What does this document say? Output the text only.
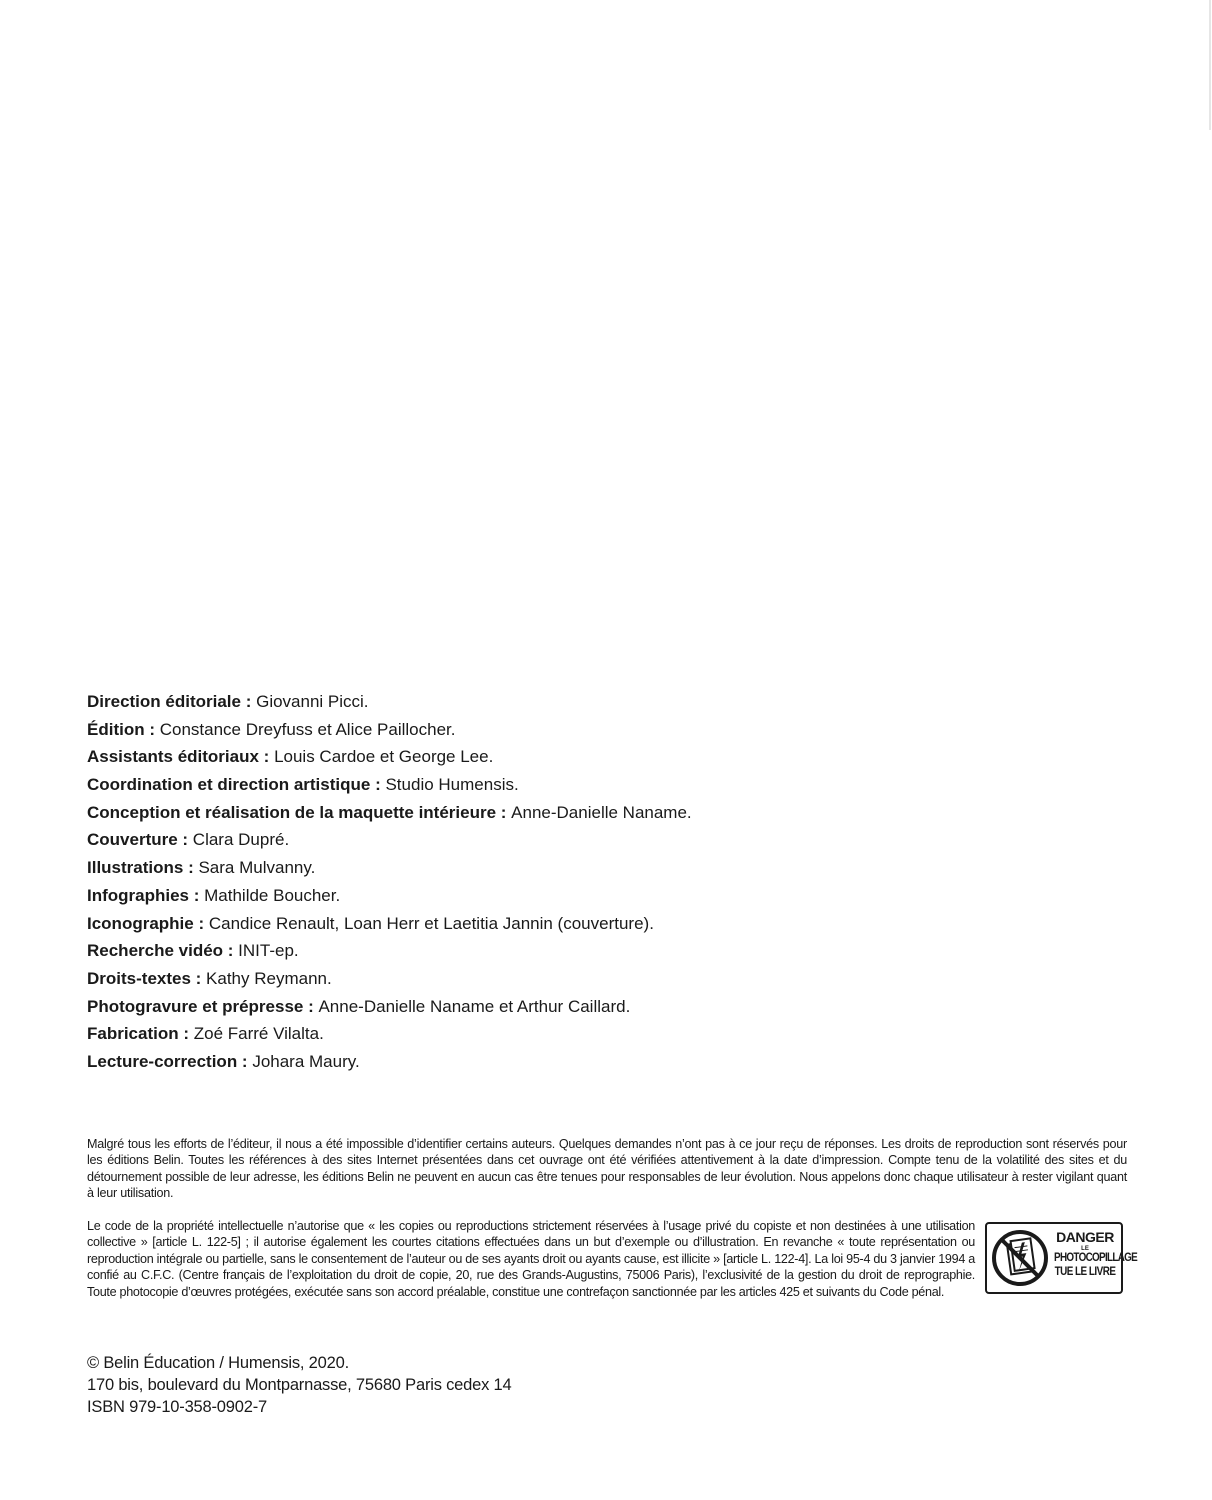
Direction éditoriale : Giovanni Picci.
Édition : Constance Dreyfuss et Alice Paillocher.
Assistants éditoriaux : Louis Cardoe et George Lee.
Coordination et direction artistique : Studio Humensis.
Conception et réalisation de la maquette intérieure : Anne-Danielle Naname.
Couverture : Clara Dupré.
Illustrations : Sara Mulvanny.
Infographies : Mathilde Boucher.
Iconographie : Candice Renault, Loan Herr et Laetitia Jannin (couverture).
Recherche vidéo : INIT-ep.
Droits-textes : Kathy Reymann.
Photogravure et prépresse : Anne-Danielle Naname et Arthur Caillard.
Fabrication : Zoé Farré Vilalta.
Lecture-correction : Johara Maury.

Malgré tous les efforts de l’éditeur, il nous a été impossible d’identifier certains auteurs. Quelques demandes n’ont pas à ce jour reçu de réponses. Les droits de reproduction sont réservés pour les éditions Belin. Toutes les références à des sites Internet présentées dans cet ouvrage ont été vérifiées attentivement à la date d’impression. Compte tenu de la volatilité des sites et du détournement possible de leur adresse, les éditions Belin ne peuvent en aucun cas être tenues pour responsables de leur évolution. Nous appelons donc chaque utilisateur à rester vigilant quant à leur utilisation.

Le code de la propriété intellectuelle n’autorise que « les copies ou reproductions strictement réservées à l’usage privé du copiste et non destinées à une utilisation collective » [article L. 122-5] ; il autorise également les courtes citations effectuées dans un but d’exemple ou d’illustration. En revanche « toute représentation ou reproduction intégrale ou partielle, sans le consentement de l’auteur ou de ses ayants droit ou ayants cause, est illicite » [article L. 122-4]. La loi 95-4 du 3 janvier 1994 a confié au C.F.C. (Centre français de l’exploitation du droit de copie, 20, rue des Grands-Augustins, 75006 Paris), l’exclusivité de la gestion du droit de reprographie. Toute photocopie d’œuvres protégées, exécutée sans son accord préalable, constitue une contrefaçon sanctionnée par les articles 425 et suivants du Code pénal.

DANGER
LE
PHOTOCOPILLAGE
TUE LE LIVRE
© Belin Éducation / Humensis, 2020.
170 bis, boulevard du Montparnasse, 75680 Paris cedex 14
ISBN 979-10-358-0902-7
